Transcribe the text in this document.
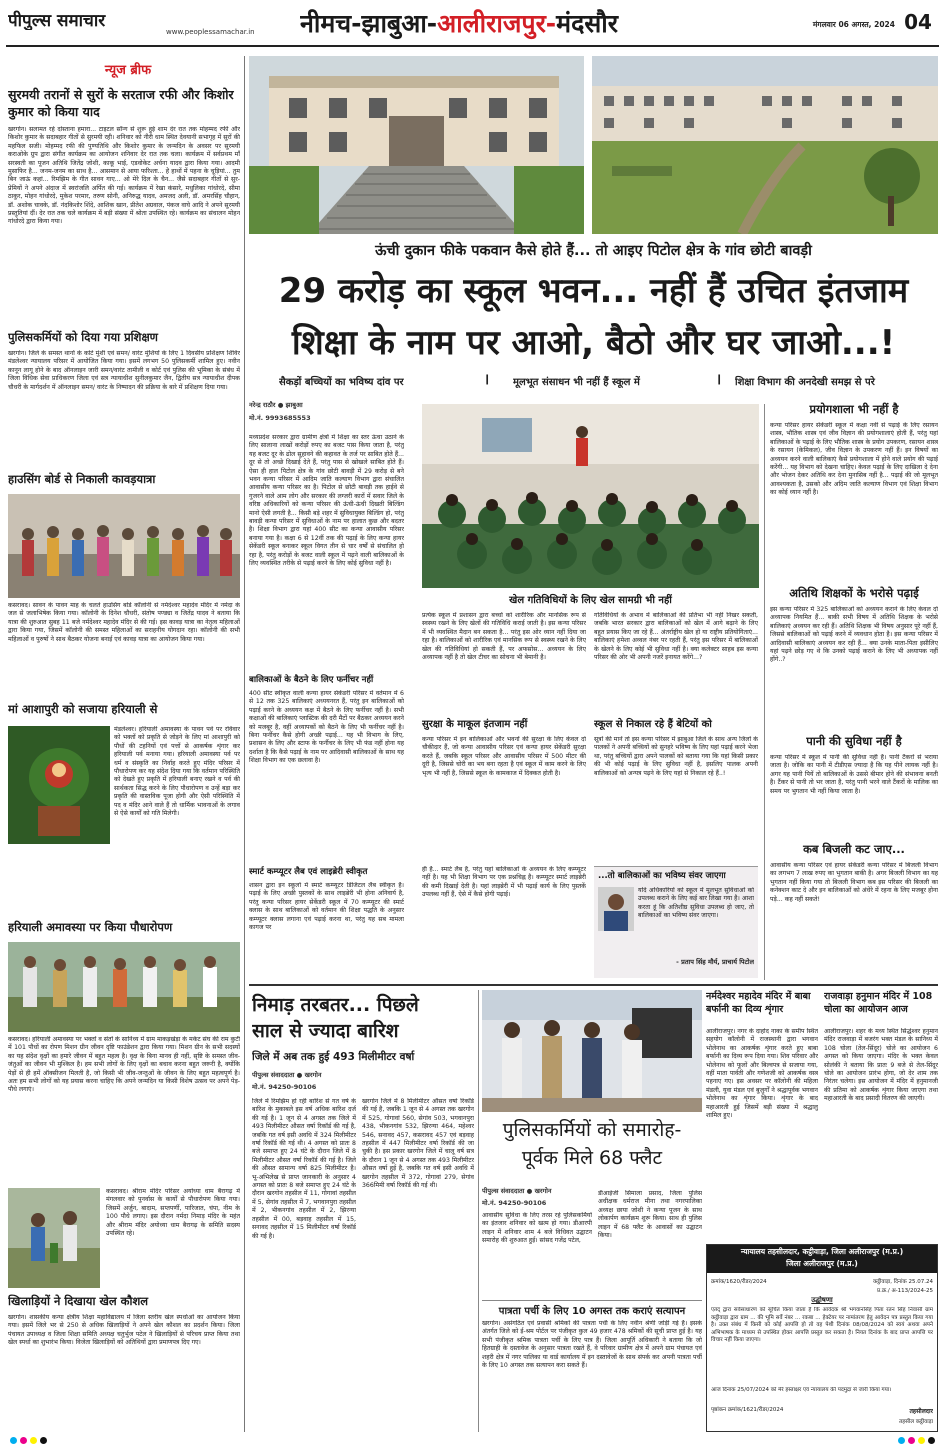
पीपुल्स समाचार
www.peoplessamachar.in	नीमच-झाबुआ-आलीराजपुर-मंदसौर	मंगलवार 06 अगस्त, 2024 04
न्यूज ब्रीफ
सुरमयी तरानों से सुरों के सरताज रफी और किशोर कुमार को किया याद
खरगोन। सलामत रहे दोस्ताना हमारा... टाइटल सॉन्ग से शुरू हुई शाम देर रात तक मोहम्मद रफी और किशोर कुमार के सदाबहार गीतों से सुरमयी रही। शनिवार को नीरी धाम स्थित देवयानी सभागृह में सुरों की महफिल सजी। मोहम्मद रफी की पुण्यतिथि और किशोर कुमार के जन्मदिन के अवसर पर सुरमयी कराओके ग्रुप द्वारा संगीत कार्यक्रम का आयोजन शनिवार देर रात तक चला। कार्यक्रम में सर्वप्रथम माँ सरस्वती का पूजन अतिथि जितेंद्र जोशी, काकू भाई, एडवोकेट अर्चना यादव द्वारा किया गया। आदमी मुसाफिर है... जनम-जनम का साथ है... आसमान से आया फरिश्ता... हेे हाथों में पहना के चूड़ियां... तुम बिन जाऊं कहां... रिमझिम के गीत सावन गाए... ओ मेरे दिल के चैन... जैसे सदाबहार गीतों से सुर-प्रेमियों ने अपने अंदाज में स्वरांजलि अर्पित की गई। कार्यक्रम में रेखा कंसारे, मधुलिका गांधोरदे, सीमा ठाकुर, मोहन गांधोरदे, मुकेश परमार, तरुण सोनी, अनिरुद्ध यादव, अमजद अली, डॉ. अमरसिंह चौहान, डॉ. अशोक चावके, डॉ. नंदकिशोर शिंदे, आशिक खान, प्रीतेश अग्रवाल, पंकज वाघे आदि ने अपने सुरमयी प्रस्तुतियां दीं। देर रात तक चले कार्यक्रम में बड़ी संख्या में श्रोता उपस्थित रहे। कार्यक्रम का संचालन मोहन गांधोरदे द्वारा किया गया।
पुलिसकर्मियों को दिया गया प्रशिक्षण
खरगोन। जिले के समस्त थानों के कोर्ट मुंशी एवं समन/ वारंट मुंशियों के लिए 1 दिवसीय प्रशिक्षण शिविर मंडलेश्वर न्यायालय परिसर में आयोजित किया गया। इसमें लगभग 50 पुलिसकर्मी शामिल हुए। नवीन कानून लागू होने के बाद ऑनलाइन जारी समन/वारंट तामीली व कोर्ट एवं पुलिस की भूमिका के संबंध में जिला विधिक सेवा प्राधिकरण जिला एवं सत्र न्यायाधीश सुनीलकुमार जैन, द्वितीय सत्र न्यायाधीश दीपक चौधरी के मार्गदर्शन में ऑनलाइन समन/ वारंट के निष्पादन की प्रक्रिया के बारे में प्रशिक्षण दिया गया।
हाउसिंग बोर्ड से निकाली कावड़यात्रा
कसरावद। सावन के पावन माह के चलते हाउसिंग बोर्ड कॉलोनी से नर्मदेश्वर महादेव मंदिर में नर्मदा के जल से जलाभिषेक किया गया। कॉलोनी के दिनेश चौधरी, संतोष पण्ड्या व जितेंद्र यादव ने बताया कि यात्रा की शुरुआत सुबह 11 बजे नर्मदेश्वर महादेव मंदिर से की गई। इस कावड़ यात्रा का नेतृत्व महिलाओं द्वारा किया गया, जिसमें कॉलोनी की समस्त महिलाओं का सराहनीय योगदान रहा। कॉलोनी की सभी महिलाओं व पुरुषों ने साथ बैठकर योजना बनाई एवं कावड़ यात्रा का आयोजन किया गया।
मां आशापुरी को सजाया हरियाली से
मंडलेश्वर। हरियाली अमावस्या के पावन पर्व पर रविवार को भक्तों को प्रकृति से जोड़ने के लिए मां आशापुरी को पौधों की टहनियों एवं पत्तों से आकर्षक शृंगार कर हरियाली पर्व मनाया गया। हरियाली अमावस्या पर्व पर धर्म व संस्कृति का निर्वाह करते हुए मंदिर परिसर में पौधारोपण कर यह संदेश दिया गया कि वर्तमान परिस्थिति को देखते हुए प्रकृति में हरियाली बनाए रखने व पर्व की सार्थकता सिद्ध करने के लिए पौधारोपण व उन्हें बड़ा कर प्रकृति की वास्तविक पूजा होगी और ऐसी परिस्थिति में पद व मंदिर आने वाले हैं तो धार्मिक भावनाओं के लगाव से ऐसे कार्यों को गति मिलेगी।
हरियाली अमावस्या पर किया पौधारोपण
कसरावद। हरियाली अमावस्या पर भक्तों व संतों के सानिध्य में ग्राम माकड़खेड़ा के मर्कट संघ की राम कुटी में 101 पौधों का रोपण मिशन ग्रीन जीवन दृष्टि फाउंडेशन द्वारा किया गया। मिशन ग्रीन के सभी सदस्यों का यह संदेश वृक्षों का हमारे जीवन में बहुत महत्व है। वृक्ष के बिना मानव ही नहीं, सृष्टि के समस्त जीव-जंतुओं का जीवन भी मुश्किल है। हम सभी लोगों के लिए वृक्षों का बचाव करना बहुत जरूरी है, क्योंकि पेड़ों से ही हमें ऑक्सीजन मिलती है, जो किसी भी जीव-जन्तुओं के जीवन के लिए बहुत महत्वपूर्ण है। अतः हम सभी लोगों को यह प्रयास करना चाहिए कि अपने जन्मदिन या किसी विशेष उत्सव पर अपने पेड़-पौधे लगाएं।
कसरावद। श्रीराम मंदिर परिसर अयोध्या धाम बैरागढ़ में मंगलवार को पुनर्वास के कार्यों से पौधारोपण किया गया। जिसमें अर्जुन, बादाम, सप्तपर्णी, पारिजात, चंपा, नीम के 100 पौधे लगाए। इस दौरान नर्मदा निमाड़ मंदिर के महंत और श्रीराम मंदिर अयोध्या धाम बैरागढ़ के समिति सदस्य उपस्थित रहे।
खिलाड़ियों ने दिखाया खेल कौशल
खरगोन। शासकीय कन्या क्षेत्रीय शिक्षा महाविद्यालय में जिला स्तरीय खेल स्पर्धाओं का आयोजन किया गया। इसमें जिले भर से 250 से अधिक खिलाड़ियों ने अपने खेल कौशल का प्रदर्शन किया। जिला पंचायत उपाध्यक्ष व जिला शिक्षा समिति अध्यक्ष चतुर्भुज पटेल ने खिलाड़ियों से परिचय प्राप्त किया तथा खेल स्पर्धा का शुभारंभ किया। विजेता खिलाड़ियों को अतिथियों द्वारा प्रमाणपत्र दिए गए।
ऊंची दुकान फीके पकवान कैसे होते हैं... तो आइए पिटोल क्षेत्र के गांव छोटी बावड़ी
29 करोड़ का स्कूल भवन... नहीं हैं उचित इंतजाम
शिक्षा के नाम पर आओ, बैठो और घर जाओ...!
सैकड़ों बच्चियों का भविष्य दांव पर	❙ मूलभूत संसाधन भी नहीं हैं स्कूल में	❙ शिक्षा विभाग की अनदेखी समझ से परे
नरेन्द्र राठौर ● झाबुआ
मो.नं. 9993685553
मध्यप्रदेश सरकार द्वारा ग्रामीण क्षेत्रों में शिक्षा का स्तर ऊंचा उठाने के लिए सालाना लाखों करोड़ों रुपए का बजट पास किया जाता है, परंतु यह बजट दूर के ढोल सुहावने की कहावत के तर्ज पर साबित होते हैं... दूर से तो अच्छे दिखाई देते हैं, परंतु पास से खोखले साबित होते हैं। ऐसा ही हाल पिटोल क्षेत्र के गांव छोटी बावड़ी में 29 करोड़ से बने भवन कन्या परिसर में आदिम जाति कल्याण विभाग द्वारा संचालित आवासीय कन्या परिसर का है। पिटोल से छोटी बावड़ी तक हाईवे से गुजरने वाले आम लोग और सरकार की लग्जरी कारों में सवार जिले के वरिष्ठ अधिकारियों को कन्या परिसर की ऊंची-ऊंची दिखती बिल्डिंग मानो ऐसी लगती है... किसी बड़े शहर में सुविधायुक्त बिल्डिंग हो, परंतु बावड़ी कन्या परिसर में सुविधाओं के नाम पर हालात कुछ और बदतर है। शिक्षा विभाग द्वारा यहां 400 सीट का कन्या आवासीय परिसर बनाया गया है। कक्षा 6 से 12वीं तक की पढ़ाई के लिए कन्या हायर सेकेंडरी स्कूल बनाकर स्कूल विगत तीन से चार वर्षों से संचालित हो रहा है, परंतु करोड़ों के बजट वाली स्कूल में पढ़ने वाली बालिकाओं के लिए व्यवस्थित तरीके से पढ़ाई करने के लिए कोई सुविधा नहीं है।
बालिकाओं के बैठने के लिए फर्नीचर नहीं
400 सीट स्वीकृत वाली कन्या हायर सेकेंडरी परिसर में वर्तमान में 6 से 12 तक 325 बालिकाएं अध्ययनरत हैं, परंतु इन बालिकाओं को पढ़ाई करने के अध्ययन कक्ष में बैठने के लिए फर्नीचर नहीं है। सभी कक्षाओं की बालिकाएं प्लास्टिक की दरी मैटों पर बैठकर अध्ययन करने को मजबूर है, वहीं अध्यापकों को बैठने के लिए भी फर्नीचर नहीं है। बिना फर्नीचर कैसे होगी अच्छी पढ़ाई... यह भी विभाग के लिए, प्रशासन के लिए और स्टाफ के फर्नीचर के लिए भी फंड नहीं होना यह दर्शाता है कि कैसे पढ़ाई के नाम पर आदिवासी बालिकाओं के साथ यह शिक्षा विभाग का एक छलावा है।
स्मार्ट कम्प्यूटर लैब एवं लाइब्रेरी स्वीकृत
शासन द्वारा इन स्कूलों में स्मार्ट कम्प्यूटर डिजिटल लैब स्वीकृत है। पढ़ाई के लिए अच्छी पुस्तकों के साथ लाइब्रेरी भी होना अनिवार्य है, परंतु कन्या परिसर हायर सेकेंडरी स्कूल में 70 कम्प्यूटर की स्मार्ट क्लास के साथ बालिकाओं को वर्तमान की शिक्षा पद्धति के अनुसार कम्प्यूटर क्लास लगाना एवं पढ़ाई करना था, परंतु यह सब मामला कागज पर
खेल गतिविधियों के लिए खेल सामग्री भी नहीं
प्रत्येक स्कूल में प्रशासन द्वारा बच्चों को शारीरिक और मानसिक रूप से स्वस्थ्य रखने के लिए खेलों की गतिविधि कराई जाती है। इस कन्या परिसर में भी व्यवस्थित मैदान बन सकता है... परंतु इस ओर ध्यान नहीं दिया जा रहा है। बालिकाओं को शारीरिक एवं मानसिक रूप से स्वस्थ्य रखने के लिए खेल की गतिविधियां हो सकती हैं, पर अफसोस... अध्ययन के लिए अध्यापक नहीं है तो खेल टीचर का सोचना भी बेमानी है।
सुरक्षा के माकूल इंतजाम नहीं
कन्या परिसर में इन बालिकाओं और भवनों की सुरक्षा के लिए केवल दो चौकीदार हैं, जो कन्या आवासीय परिसर एवं कन्या हायर सेकेंडरी सुरक्षा करते हैं, जबकि स्कूल परिसर और आवासीय परिसर में 500 मीटर की दूरी है, जिससे चोरी का भय बना रहता है एवं स्कूल में काम करने के लिए भृत्य भी नहीं है, जिससे स्कूल के कामकाज में दिक्कत होती है।
ही है... स्मार्ट लैब है, परंतु यहां बालिकाओं के अध्ययन के लिए कम्प्यूटर नहीं है। यह भी शिक्षा विभाग पर एक प्रश्नचिह्न है। कम्प्यूटर स्मार्ट लाइब्रेरी की कमी दिखाई देती है। यहां लाइब्रेरी में भी पढ़ाई कार्य के लिए पुस्तकें उपलब्ध नहीं हैं, ऐसे में कैसे होगी पढ़ाई।
गतिविधियों के अभाव में बालिकाओं की प्रतिभा भी नहीं निखर सकती, जबकि भारत सरकार द्वारा बालिकाओं को खेल में आगे बढ़ाने के लिए बहुत प्रयास किए जा रहे हैं... अंतर्राष्ट्रीय खेल हो या राष्ट्रीय प्रतियोगिताएं... बालिकाएं हमेशा अव्वल नंबर पर रहती हैं, परंतु इस परिसर में बालिकाओं के खेलने के लिए कोई भी सुविधा नहीं है। क्या कलेक्टर साहब इस कन्या परिसर की ओर भी अपनी नजरें इनायत करेंगे...?
स्कूल से निकाल रहे हैं बेटियों को
सूत्रों की मानें तो इस कन्या परिसर में झाबुआ जिले के साथ अन्य जिलों के पालकों ने अपनी बच्चियों को सुनहरे भविष्य के लिए यहां पढ़ाई करने भेजा था, परंतु बच्चियों द्वारा अपने पालकों को बताया गया कि यहां किसी प्रकार की भी कोई पढ़ाई के लिए सुविधा नहीं है, इसलिए पालक अपनी बालिकाओं को अन्यत्र पढ़ने के लिए यहां से निकाल रहे हैं..!
...तो बालिकाओं का भविष्य संवर जाएगा
यदि अधिकारियों को स्कूल में मूलभूत सुविधाओं को उपलब्ध कराने के लिए कई बार लिखा गया है। आशा करता हूं कि अतिशीघ्र सुविधा उपलब्ध हो जाए, तो बालिकाओं का भविष्य संवर जाएगा।
- प्रताप सिंह मौर्य, प्राचार्य पिटोल
प्रयोगशाला भी नहीं है
कन्या परिसर हायर सेकेंडरी स्कूल में कक्षा नवीं से पढ़ाई के लिए रसायन शास्त्र, भौतिक शास्त्र एवं जीव विज्ञान की प्रयोगशालाएं होती हैं, परंतु यहां बालिकाओं के पढ़ाई के लिए भौतिक शास्त्र के प्रयोग उपकरण, रसायन शास्त्र के रसायन (केमिकल), जीव विज्ञान के उपकरण नहीं हैं। इन विषयों का अध्ययन करने वाली बालिकाएं कैसे प्रयोगशाला में होने वाले प्रयोग की पढ़ाई करेंगी... यह विभाग को देखना चाहिए। केवल पढ़ाई के लिए दाखिला दे देना और भोजन देकर अतिथि कर देना मुनासिब नहीं है... पढ़ाई की जो मूलभूत आवश्यकता है, उसको और अदिम जाति कल्याण विभाग एवं शिक्षा विभाग का कोई ध्यान नहीं है।
अतिथि शिक्षकों के भरोसे पढ़ाई
इस कन्या परिसर में 325 बालिकाओं को अध्ययन कराने के लिए केवल दो अध्यापक नियमित हैं... बाकी सभी विषय में अतिथि शिक्षक के भरोसे बालिकाएं अध्ययन कर रही हैं। अतिथि शिक्षक भी विषय अनुसार पूरे नहीं हैं, जिससे बालिकाओं को पढ़ाई करने में व्यवधान होता है। इस कन्या परिसर में आदिवासी बालिकाएं अध्ययन कर रही हैं... क्या उनके माता-पिता इसीलिए यहां पढ़ने छोड़ गए थे कि उनको पढ़ाई कराने के लिए भी अध्यापक नहीं होंगे..?
पानी की सुविधा नहीं है
कन्या परिसर में स्कूल में पानी की सुविधा नहीं है। पानी टैंकरों से भराया जाता है। जोकि का पानी में टीडीएस ज्यादा है कि यह पीने लायक नहीं है। अगर यह पानी पियें तो बालिकाओं के उससे बीमार होने की संभावना बनती है। टैंकर से पानी तो भर जाता है, परंतु पानी भरने वाले टैंकरों के मालिक का समय पर भुगतान भी नहीं किया जाता है।
कब बिजली कट जाए...
आवासीय कन्या परिसर एवं हायर सेकेंडरी कन्या परिसर में बिजली विभाग का लगभग 7 लाख रुपए का भुगतान बाकी है। अगर बिजली विभाग का यह भुगतान नहीं किया गया तो बिजली विभाग कब इस परिसर की बिजली का कनेक्शन काट दे और इन बालिकाओं को अंधेरे में रहना के लिए मजबूर होना पड़े... कह नहीं सकते!
निमाड़ तरबतर... पिछले साल से ज्यादा बारिश
जिले में अब तक हुई 493 मिलीमीटर वर्षा
पीपुल्स संवाददाता ● खरगोन
मो.नं. 94250-90106
जिले में रिमझिम हो रही बारिश से गत वर्ष के बारिश के मुकाबले इस वर्ष अधिक बारिश दर्ज की गई है। 1 जून से 4 अगस्त तक जिले में 493 मिलीमीटर औसत वर्षा रिकॉर्ड की गई है, जबकि गत वर्ष इसी अवधि में 324 मिलीमीटर वर्षा रिकॉर्ड की गई थी। 4 अगस्त को प्रातः 8 बजे समाप्त हुए 24 घंटे के दौरान जिले में 8 मिलीमीटर औसत वर्षा रिकॉर्ड की गई है। जिले की औसत सामान्य वर्षा 825 मिलीमीटर है। भू-अभिलेख से प्राप्त जानकारी के अनुसार 4 अगस्त को प्रातः 8 बजे समाप्त हुए 24 घंटे के दौरान खरगोन तहसील में 11, गोगावां तहसील में 5, सेगांव तहसील में 7, भगवानपुरा तहसील में 2, भीकनगांव तहसील में 2, झिरन्या तहसील में 00, बड़वाह तहसील में 15, सनावद तहसील में 15 मिलीमीटर वर्षा रिकॉर्ड की गई है।
खरगोन जिले में 8 मिलीमीटर औसत वर्षा रिकॉर्ड की गई है, जबकि 1 जून से 4 अगस्त तक खरगोन में 525, गोगावां 560, सेगांव 503, भगवानपुरा 438, भीकनगांव 532, झिरन्या 464, महेश्वर 546, सनावद 457, कसरावद 457 एवं बड़वाह तहसील में 447 मिलीमीटर वर्षा रिकॉर्ड की जा चुकी है। इस प्रकार खरगोन जिले में चालू वर्ष सत्र के दौरान 1 जून से 4 अगस्त तक 493 मिलीमीटर औसत वर्षा हुई है, जबकि गत वर्ष इसी अवधि में खरगोन तहसील में 372, गोगावां 279, सेगांव 366मिमी वर्षा रिकॉर्ड की गई थी।
पुलिसकर्मियों को समारोह-
पूर्वक मिले 68 फ्लैट
पीपुल्स संवाददाता ● खरगोन
मो.नं. 94250-90106
आवासीय सुविधा के लिए तरस रहे पुलिसकर्मियों का इंतजार शनिवार को खत्म हो गया। डीआरपी लाइन में शनिवार शाम 4 बजे विधिवत उद्घाटन समारोह की शुरुआत हुई। सांसद गजेंद्र पटेल,
डीआईजी सिमाला प्रसाद, जिला पुलिस अधीक्षक धर्मराज मीना तथा नगरपालिका अध्यक्ष छाया जोशी ने कन्या पूजन के साथ लोकार्पण कार्यक्रम शुरू किया। साथ ही पुलिस लाइन में 68 फ्लैट के आवासों का उद्घाटन किया।
पात्रता पर्ची के लिए 10 अगस्त तक कराएं सत्यापन
खरगोन। असंगठित एवं प्रवासी श्रमिकों की पात्रता पर्ची के लिए नवीन श्रेणी जोड़ी गई है। इसके अंतर्गत जिले को ई-श्रम पोर्टल पर पंजीकृत कुल 49 हजार 478 श्रमिकों की सूची प्राप्त हुई है। यह सभी पंजीकृत श्रमिक पात्रता पर्ची के लिए पात्र हैं। जिला आपूर्ति अधिकारी ने बताया कि जो हितग्राही के दस्तावेज के अनुसार पात्रता रखते हैं, वे परिवार ग्रामीण क्षेत्र में अपने ग्राम पंचायत एवं शहरी क्षेत्र में नगर पालिका या वार्ड कार्यालय में इन दस्तावेजों के साथ संपर्क कर अपनी पात्रता पर्ची के लिए 10 अगस्त तक सत्यापन करा सकते हैं।
नर्मदेश्वर महादेव मंदिर में बाबा बर्फानी का दिव्य शृंगार
आलीराजपुर। नगर के दाहोद नाका के समीप स्थित सहयोग कॉलोनी में राजस्थानी द्वारा भगवान भोलेनाथ का आकर्षक शृंगार करते हुए बाबा बर्फानी का दिव्य रूप दिया गया। शिव परिवार और भोलेनाथ को फूलों और बिल्वपत्र से सजाया गया, वहीं माता पार्वती और गणेशजी को आकर्षक वस्त्र पहनाए गए। इस अवसर पर कॉलोनी की महिला मंडली, युवा मंडल एवं बुजुर्गों ने श्रद्धापूर्वक भगवान भोलेनाथ का शृंगार किया। शृंगार के बाद महाआरती हुई जिसमें बड़ी संख्या में श्रद्धालु शामिल हुए।
राजवाड़ा हनुमान मंदिर में 108 चोला का आयोजन आज
आलीराजपुर। शहर के मध्य स्थित सिद्धेश्वर हनुमान मंदिर राजवाड़ा में बजरंग भक्त मंडल के सानिध्य में 108 चोला (तेल-सिंदूर) चोले का आयोजन 6 अगस्त को किया जाएगा। मंदिर के भक्त केवल सोलंकी ने बताया कि प्रातः 9 बजे से तेल-सिंदूर चोले का आयोजन प्रारंभ होगा, जो देर शाम तक निरंतर चलेगा। इस आयोजन में मंदिर में हनुमानजी की प्रतिमा को आकर्षक शृंगार किया जाएगा तथा महाआरती के बाद प्रसादी वितरण की जाएगी।
न्यायालय तहसीलदार, कट्ठीवाड़ा, जिला अलीराजपुर (म.प्र.)
जिला अलीराजपुर (म.प्र.)
क्रमांक/1620/रीडर/2024	कट्ठीवाड़ा, दिनांक 25.07.24
प्र.क्र./ अ-113/2024-25
उद्घोषणा
एतद् द्वारा सर्वसाधारण को सूचित किया जाता है कि आवेदक श्री भगवानसिंह पिता रतन सिंह निवासी ग्राम कट्ठीवाड़ा द्वारा ग्राम ... की भूमि सर्वे नंबर ... रकबा ... हेक्टेयर पर नामांतरण हेतु आवेदन पत्र प्रस्तुत किया गया है। उक्त संबंध में किसी को कोई आपत्ति हो तो वह पेशी दिनांक 08/08/2024 को स्वयं अथवा अपने अभिभाषक के माध्यम से उपस्थित होकर आपत्ति प्रस्तुत कर सकता है। नियत दिनांक के बाद प्राप्त आपत्ति पर विचार नहीं किया जाएगा।
आज दिनांक 25/07/2024 को मेरे हस्ताक्षर एवं न्यायालय की पदमुद्रा से जारी किया गया।
पृष्ठांकन क्रमांक/1621/रीडर/2024	तहसीलदार
तहसील कट्ठीवाड़ा
